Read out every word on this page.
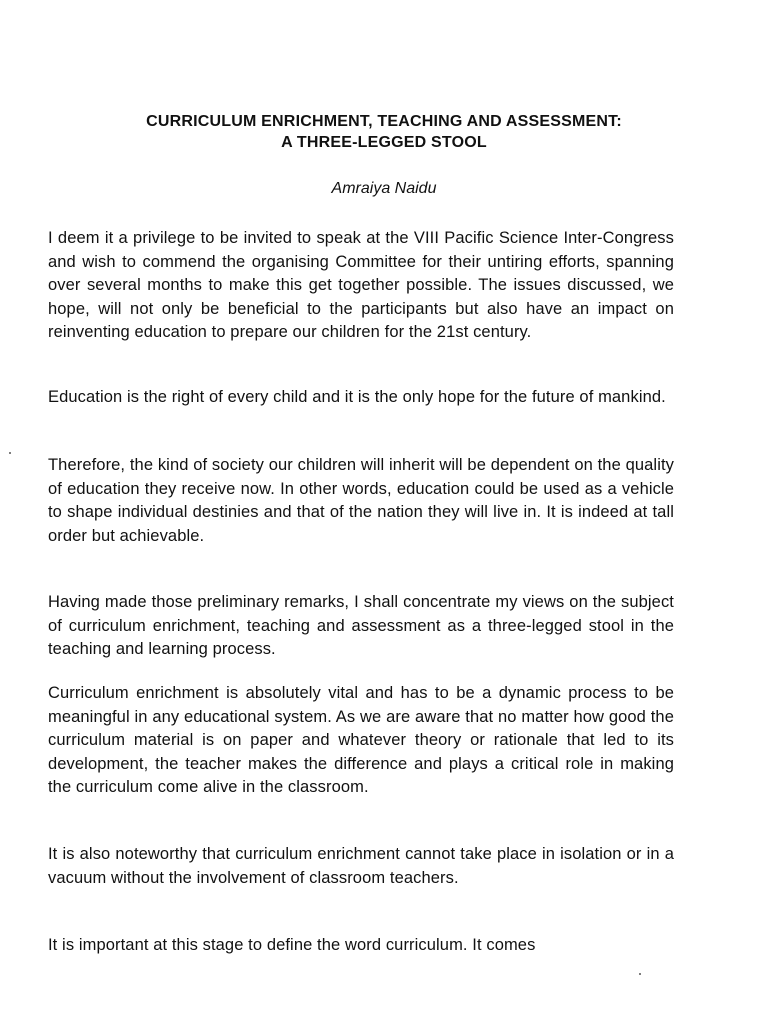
CURRICULUM ENRICHMENT, TEACHING AND ASSESSMENT:
A THREE-LEGGED STOOL
Amraiya Naidu

I deem it a privilege to be invited to speak at the VIII Pacific Science Inter-Congress and wish to commend the organising Committee for their untiring efforts, spanning over several months to make this get together possible. The issues discussed, we hope, will not only be beneficial to the participants but also have an impact on reinventing education to prepare our children for the 21st century.

Education is the right of every child and it is the only hope for the future of mankind.

Therefore, the kind of society our children will inherit will be dependent on the quality of education they receive now. In other words, education could be used as a vehicle to shape individual destinies and that of the nation they will live in. It is indeed at tall order but achievable.

Having made those preliminary remarks, I shall concentrate my views on the subject of curriculum enrichment, teaching and assessment as a three-legged stool in the teaching and learning process.

Curriculum enrichment is absolutely vital and has to be a dynamic process to be meaningful in any educational system. As we are aware that no matter how good the curriculum material is on paper and whatever theory or rationale that led to its development, the teacher makes the difference and plays a critical role in making the curriculum come alive in the classroom.

It is also noteworthy that curriculum enrichment cannot take place in isolation or in a vacuum without the involvement of classroom teachers.

It is important at this stage to define the word curriculum. It comes
